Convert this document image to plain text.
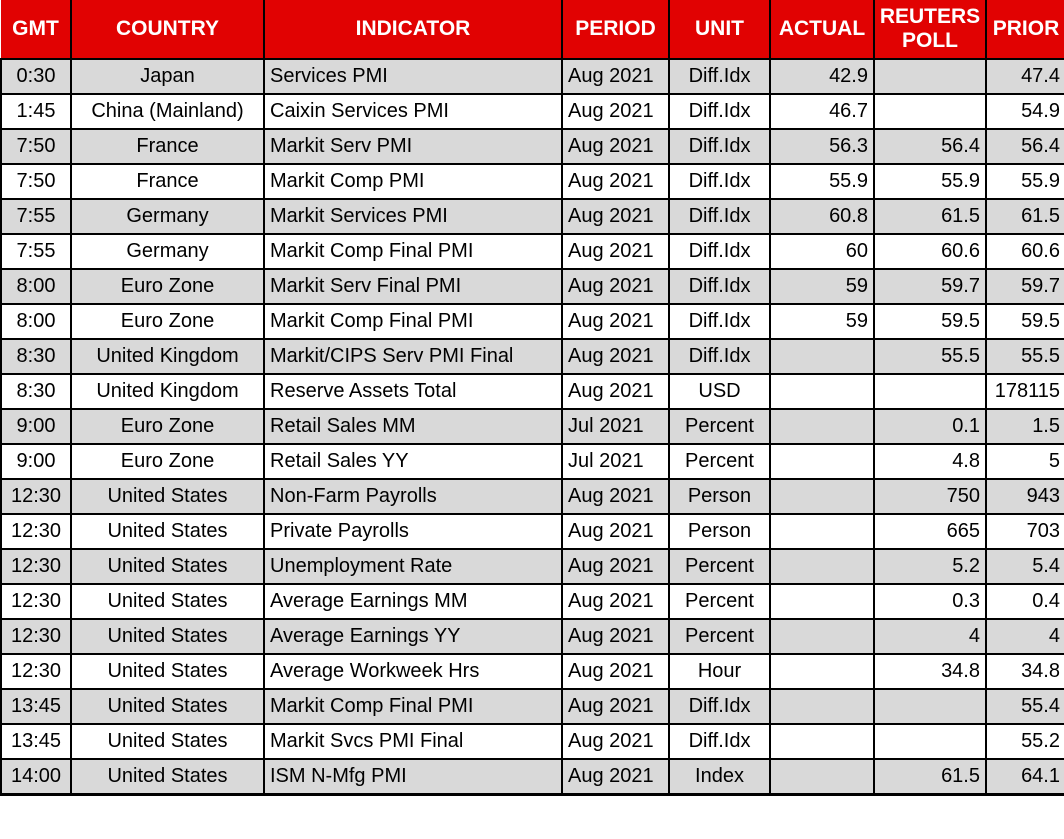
GMT	COUNTRY	INDICATOR	PERIOD	UNIT	ACTUAL	REUTERS POLL	PRIOR
0:30	Japan	Services PMI	Aug 2021	Diff.Idx	42.9		47.4
1:45	China (Mainland)	Caixin Services PMI	Aug 2021	Diff.Idx	46.7		54.9
7:50	France	Markit Serv PMI	Aug 2021	Diff.Idx	56.3	56.4	56.4
7:50	France	Markit Comp PMI	Aug 2021	Diff.Idx	55.9	55.9	55.9
7:55	Germany	Markit Services PMI	Aug 2021	Diff.Idx	60.8	61.5	61.5
7:55	Germany	Markit Comp Final PMI	Aug 2021	Diff.Idx	60	60.6	60.6
8:00	Euro Zone	Markit Serv Final PMI	Aug 2021	Diff.Idx	59	59.7	59.7
8:00	Euro Zone	Markit Comp Final PMI	Aug 2021	Diff.Idx	59	59.5	59.5
8:30	United Kingdom	Markit/CIPS Serv PMI Final	Aug 2021	Diff.Idx		55.5	55.5
8:30	United Kingdom	Reserve Assets Total	Aug 2021	USD			178115
9:00	Euro Zone	Retail Sales MM	Jul 2021	Percent		0.1	1.5
9:00	Euro Zone	Retail Sales YY	Jul 2021	Percent		4.8	5
12:30	United States	Non-Farm Payrolls	Aug 2021	Person		750	943
12:30	United States	Private Payrolls	Aug 2021	Person		665	703
12:30	United States	Unemployment Rate	Aug 2021	Percent		5.2	5.4
12:30	United States	Average Earnings MM	Aug 2021	Percent		0.3	0.4
12:30	United States	Average Earnings YY	Aug 2021	Percent		4	4
12:30	United States	Average Workweek Hrs	Aug 2021	Hour		34.8	34.8
13:45	United States	Markit Comp Final PMI	Aug 2021	Diff.Idx			55.4
13:45	United States	Markit Svcs PMI Final	Aug 2021	Diff.Idx			55.2
14:00	United States	ISM N-Mfg PMI	Aug 2021	Index		61.5	64.1
